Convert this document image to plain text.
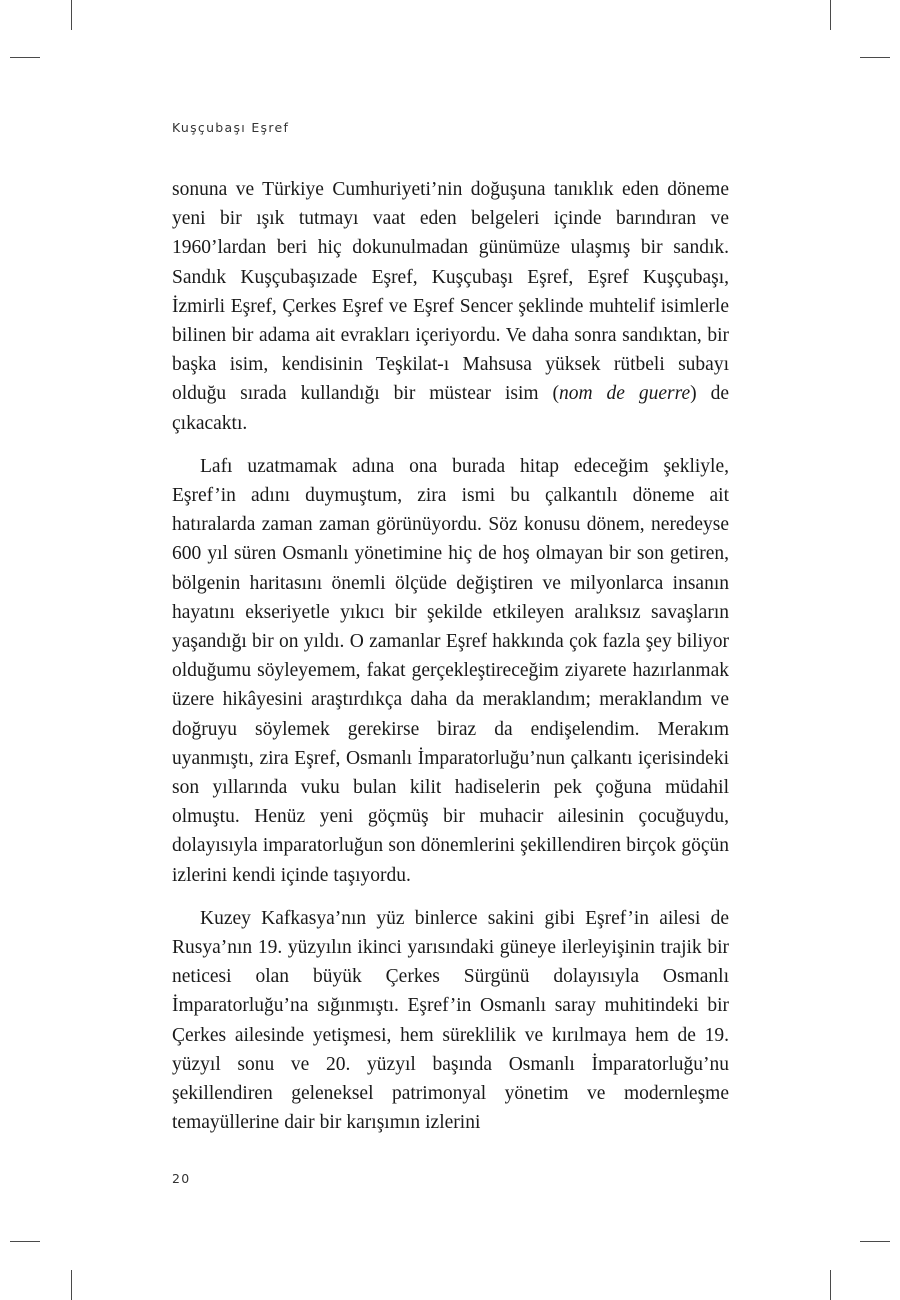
Kuşçubaşı Eşref

sonuna ve Türkiye Cumhuriyeti’nin doğuşuna tanıklık eden döneme yeni bir ışık tutmayı vaat eden belgeleri içinde barındıran ve 1960’lardan beri hiç dokunulmadan günümüze ulaşmış bir sandık. Sandık Kuşçubaşızade Eşref, Kuşçubaşı Eşref, Eşref Kuşçubaşı, İzmirli Eşref, Çerkes Eşref ve Eşref Sencer şeklinde muhtelif isimlerle bilinen bir adama ait evrakları içeriyordu. Ve daha sonra sandıktan, bir başka isim, kendisinin Teşkilat-ı Mahsusa yüksek rütbeli subayı olduğu sırada kullandığı bir müstear isim (nom de guerre) de çıkacaktı.

Lafı uzatmamak adına ona burada hitap edeceğim şekliyle, Eşref’in adını duymuştum, zira ismi bu çalkantılı döneme ait hatıralarda zaman zaman görünüyordu. Söz konusu dönem, neredeyse 600 yıl süren Osmanlı yönetimine hiç de hoş olmayan bir son getiren, bölgenin haritasını önemli ölçüde değiştiren ve milyonlarca insanın hayatını ekseriyetle yıkıcı bir şekilde etkileyen aralıksız savaşların yaşandığı bir on yıldı. O zamanlar Eşref hakkında çok fazla şey biliyor olduğumu söyleyemem, fakat gerçekleştireceğim ziyarete hazırlanmak üzere hikâyesini araştırdıkça daha da meraklandım; meraklandım ve doğruyu söylemek gerekirse biraz da endişelendim. Merakım uyanmıştı, zira Eşref, Osmanlı İmparatorluğu’nun çalkantı içerisindeki son yıllarında vuku bulan kilit hadiselerin pek çoğuna müdahil olmuştu. Henüz yeni göçmüş bir muhacir ailesinin çocuğuydu, dolayısıyla imparatorluğun son dönemlerini şekillendiren birçok göçün izlerini kendi içinde taşıyordu.

Kuzey Kafkasya’nın yüz binlerce sakini gibi Eşref’in ailesi de Rusya’nın 19. yüzyılın ikinci yarısındaki güneye ilerleyişinin trajik bir neticesi olan büyük Çerkes Sürgünü dolayısıyla Osmanlı İmparatorluğu’na sığınmıştı. Eşref’in Osmanlı saray muhitindeki bir Çerkes ailesinde yetişmesi, hem süreklilik ve kırılmaya hem de 19. yüzyıl sonu ve 20. yüzyıl başında Osmanlı İmparatorluğu’nu şekillendiren geleneksel patrimonyal yönetim ve modernleşme temayüllerine dair bir karışımın izlerini

20
